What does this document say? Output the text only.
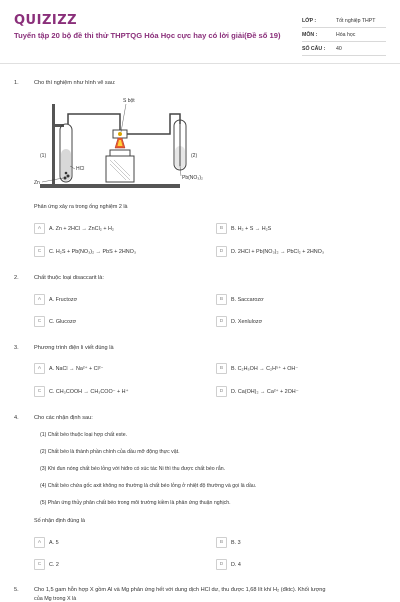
QUIZIZZ
Tuyển tập 20 bộ đề thi thử THPTQG Hóa Học cực hay có lời giải(Đề số 19)
LỚP :	Tốt nghiệp THPT
MÔN :	Hóa học
SỐ CÂU :	40
1.	Cho thí nghiệm như hình vẽ sau:
S bột
(1)	(2)
HCl
Zn
Pb(NO₃)₂
Phản ứng xảy ra trong ống nghiệm 2 là
A	A. Zn + 2HCl → ZnCl₂ + H₂	B	B. H₂ + S → H₂S
C	C. H₂S + Pb(NO₃)₂ → PbS + 2HNO₃	D	D. 2HCl + Pb(NO₃)₂ → PbCl₂ + 2HNO₃
2.	Chất thuộc loại disaccarit là:
A	A. Fructozơ	B	B. Saccarozơ
C	C. Glucozơ	D	D. Xenlulozơ
3.	Phương trình điện li viết đúng là
A	A. NaCl → Na²⁺ + Cl²⁻	B	B. C₂H₅OH → C₂H⁵⁺ + OH⁻
C	C. CH₃COOH → CH₃COO⁻ + H⁺	D	D. Ca(OH)₂ → Ca²⁺ + 2OH⁻
4.	Cho các nhận định sau:
(1) Chất béo thuộc loại hợp chất este.
(2) Chất béo là thành phần chính của dầu mỡ động thực vật.
(3) Khi đun nóng chất béo lỏng với hiđro có xúc tác Ni thì thu được chất béo rắn.
(4) Chất béo chứa gốc axit không no thường là chất béo lỏng ở nhiệt độ thường và gọi là dầu.
(5) Phản ứng thủy phân chất béo trong môi trường kiềm là phản ứng thuận nghịch.
Số nhận định đúng là
A	A. 5	B	B. 3
C	C. 2	D	D. 4
5.	Cho 1,5 gam hỗn hợp X gồm Al và Mg phản ứng hết với dung dịch HCl dư, thu được 1,68 lít khí H₂ (đktc). Khối lượng
của Mg trong X là
